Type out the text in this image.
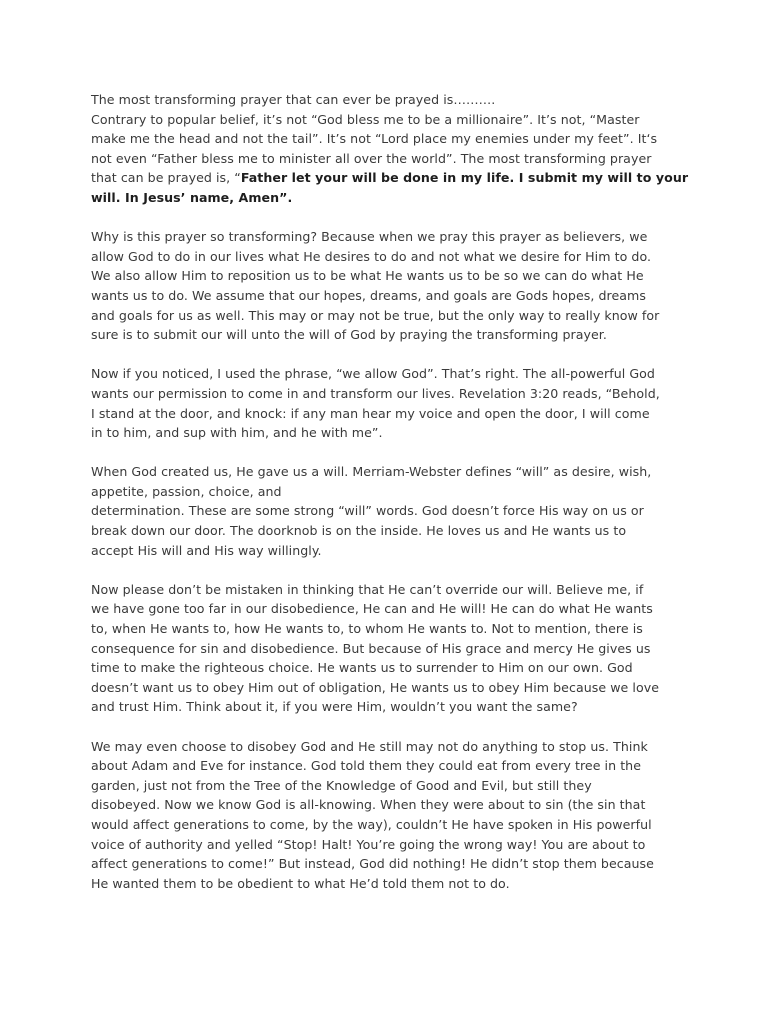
The most transforming prayer that can ever be prayed is……….
Contrary to popular belief, it’s not “God bless me to be a millionaire”. It’s not, “Master
make me the head and not the tail”. It’s not “Lord place my enemies under my feet”. It‘s
not even “Father bless me to minister all over the world”. The most transforming prayer
that can be prayed is, “Father let your will be done in my life. I submit my will to your
will. In Jesus’ name, Amen”.
Why is this prayer so transforming? Because when we pray this prayer as believers, we
allow God to do in our lives what He desires to do and not what we desire for Him to do.
We also allow Him to reposition us to be what He wants us to be so we can do what He
wants us to do. We assume that our hopes, dreams, and goals are Gods hopes, dreams
and goals for us as well. This may or may not be true, but the only way to really know for
sure is to submit our will unto the will of God by praying the transforming prayer.
Now if you noticed, I used the phrase, “we allow God”. That’s right. The all-powerful God
wants our permission to come in and transform our lives. Revelation 3:20 reads, “Behold,
I stand at the door, and knock: if any man hear my voice and open the door, I will come
in to him, and sup with him, and he with me”.
When God created us, He gave us a will. Merriam-Webster defines “will” as desire, wish,
appetite, passion, choice, and
determination. These are some strong “will” words. God doesn’t force His way on us or
break down our door. The doorknob is on the inside. He loves us and He wants us to
accept His will and His way willingly.
Now please don’t be mistaken in thinking that He can’t override our will. Believe me, if
we have gone too far in our disobedience, He can and He will! He can do what He wants
to, when He wants to, how He wants to, to whom He wants to. Not to mention, there is
consequence for sin and disobedience. But because of His grace and mercy He gives us
time to make the righteous choice. He wants us to surrender to Him on our own. God
doesn’t want us to obey Him out of obligation, He wants us to obey Him because we love
and trust Him. Think about it, if you were Him, wouldn’t you want the same?
We may even choose to disobey God and He still may not do anything to stop us. Think
about Adam and Eve for instance. God told them they could eat from every tree in the
garden, just not from the Tree of the Knowledge of Good and Evil, but still they
disobeyed. Now we know God is all-knowing. When they were about to sin (the sin that
would affect generations to come, by the way), couldn’t He have spoken in His powerful
voice of authority and yelled “Stop! Halt! You’re going the wrong way! You are about to
affect generations to come!” But instead, God did nothing! He didn’t stop them because
He wanted them to be obedient to what He’d told them not to do.
